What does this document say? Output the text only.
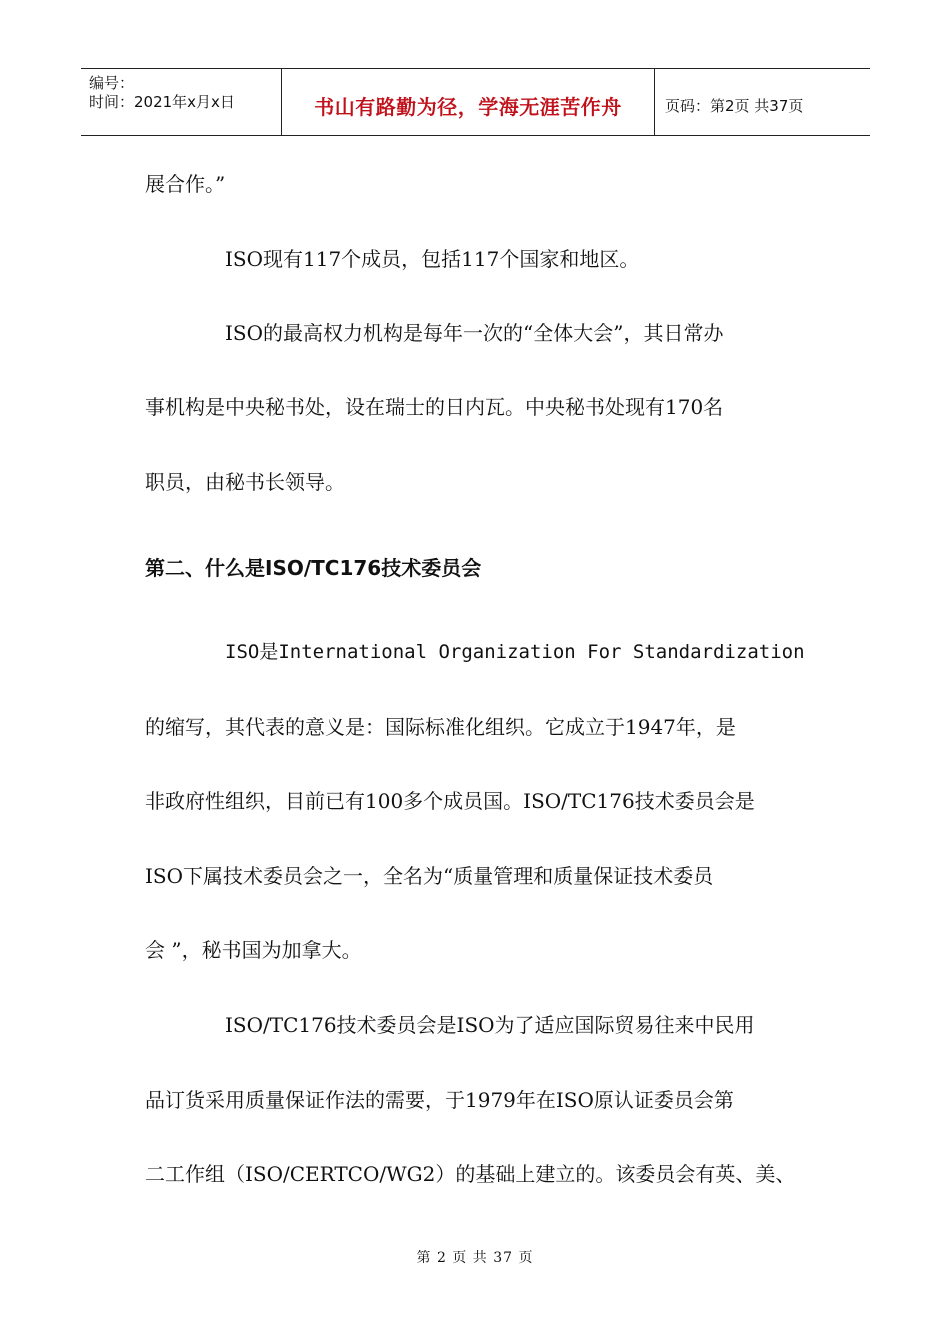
编号：
时间：2021年x月x日	书山有路勤为径，学海无涯苦作舟	页码：第2页 共37页
展合作。”
ISO现有117个成员，包括117个国家和地区。
ISO的最高权力机构是每年一次的“全体大会”，其日常办
事机构是中央秘书处，设在瑞士的日内瓦。中央秘书处现有170名
职员，由秘书长领导。
第二、什么是ISO/TC176技术委员会
ISO是International Organization For Standardization
的缩写，其代表的意义是：国际标准化组织。它成立于1947年，是
非政府性组织，目前已有100多个成员国。ISO/TC176技术委员会是
ISO下属技术委员会之一，全名为“质量管理和质量保证技术委员
会 ”，秘书国为加拿大。
ISO/TC176技术委员会是ISO为了适应国际贸易往来中民用
品订货采用质量保证作法的需要，于1979年在ISO原认证委员会第
二工作组（ISO/CERTCO/WG2）的基础上建立的。该委员会有英、美、
第 2 页 共 37 页
